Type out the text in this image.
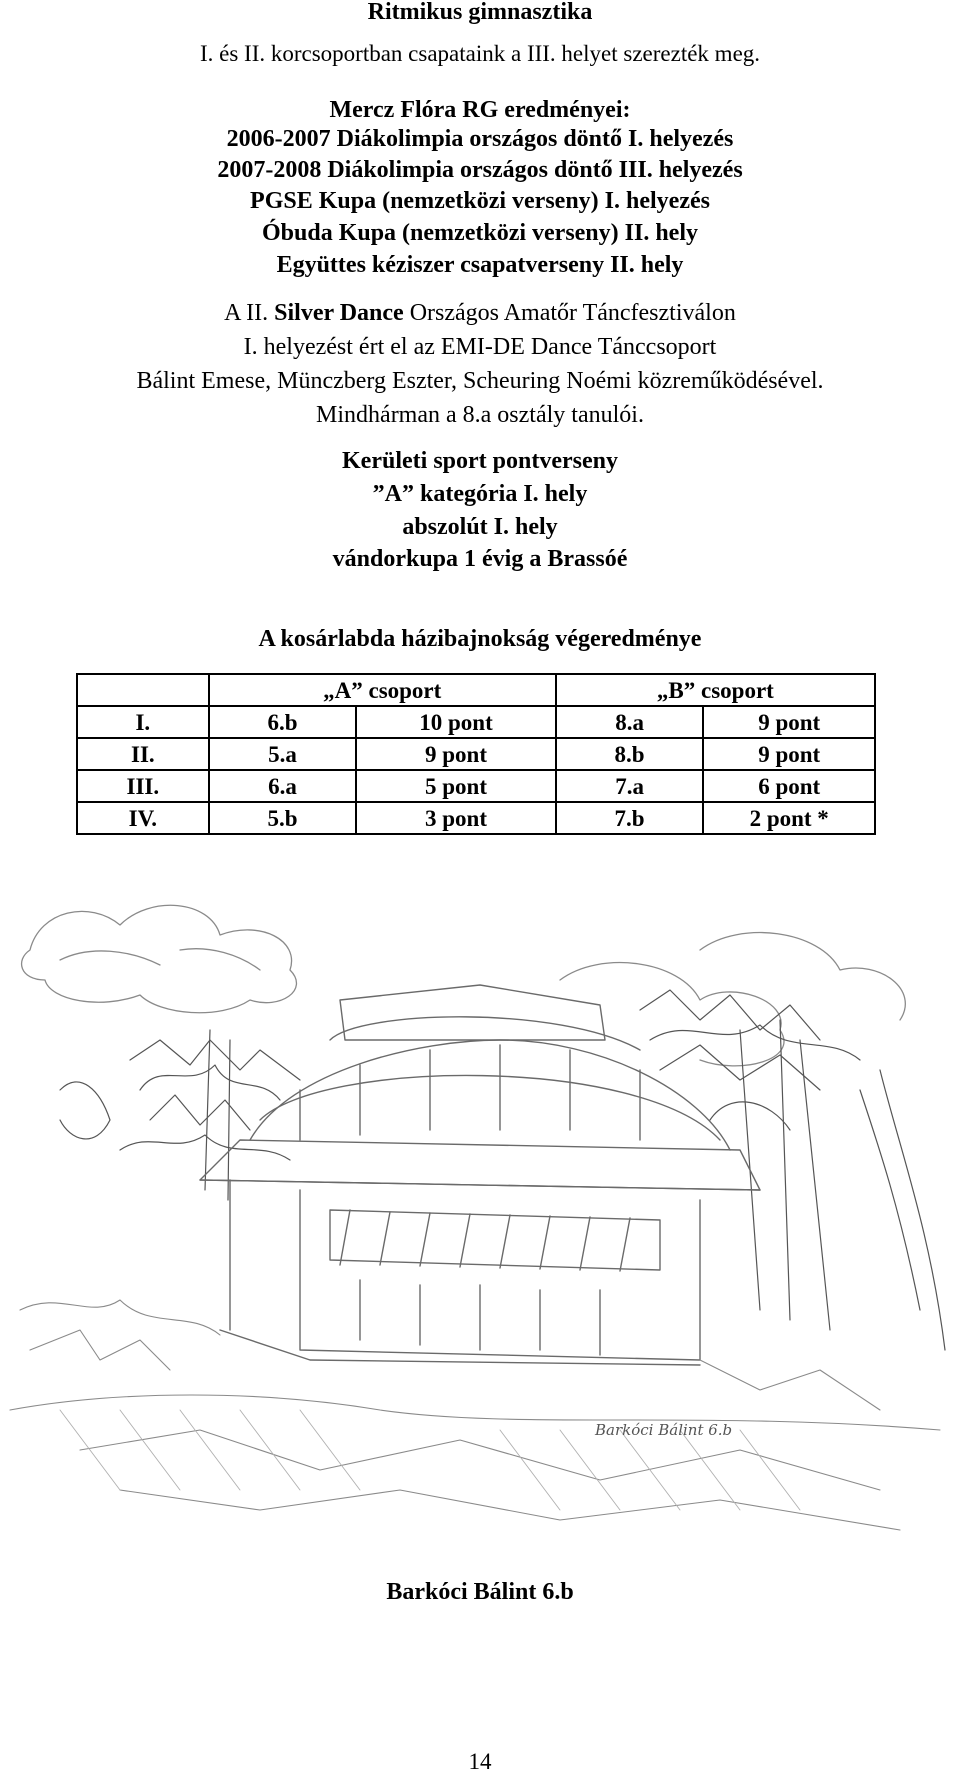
Ritmikus gimnasztika
I. és II. korcsoportban csapataink a III. helyet szerezték meg.
Mercz Flóra RG eredményei:
2006-2007 Diákolimpia országos döntő I. helyezés
2007-2008 Diákolimpia országos döntő III. helyezés
PGSE Kupa (nemzetközi verseny) I. helyezés
Óbuda Kupa (nemzetközi verseny) II. hely
Együttes kéziszer csapatverseny II. hely
A II. Silver Dance Országos Amatőr Táncfesztiválon
I. helyezést ért el az EMI-DE Dance Tánccsoport
Bálint Emese, Münczberg Eszter, Scheuring Noémi közreműködésével.
Mindhárman a 8.a osztály tanulói.
Kerületi sport pontverseny
”A” kategória I. hely
abszolút I. hely
vándorkupa 1 évig a Brassóé
A kosárlabda házibajnokság végeredménye
	„A” csoport		„B” csoport	
I.	6.b	10 pont	8.a	9 pont
II.	5.a	9 pont	8.b	9 pont
III.	6.a	5 pont	7.a	6 pont
IV.	5.b	3 pont	7.b	2 pont *
Barkóci Bálint 6.b
Barkóci Bálint 6.b
14
